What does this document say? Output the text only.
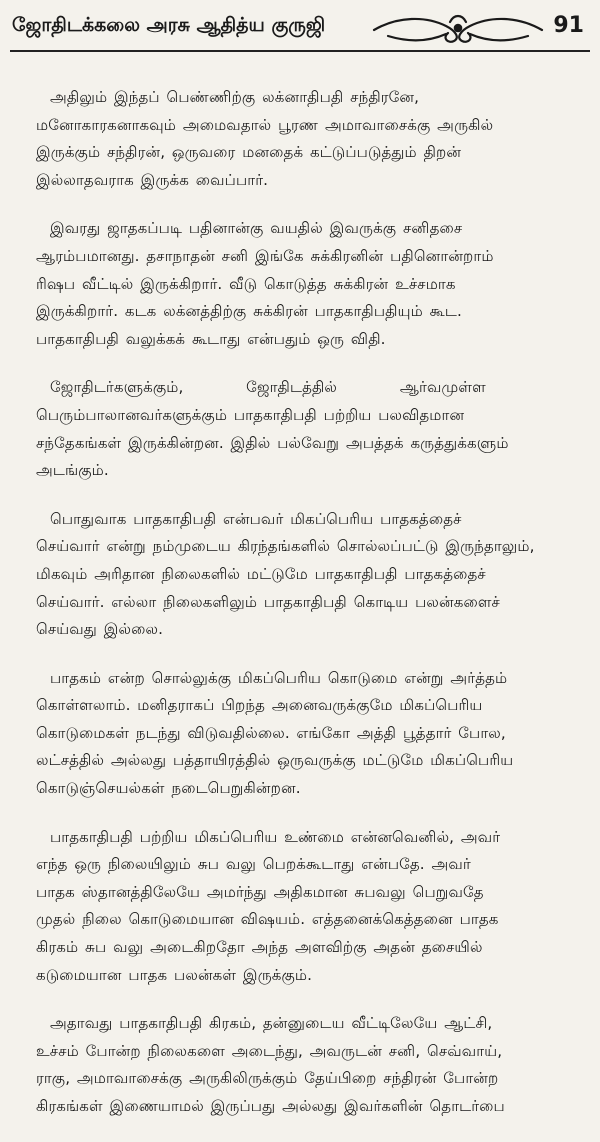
ஜோதிடக்கலை அரசு ஆதித்ய குருஜி	91

அதிலும் இந்தப் பெண்ணிற்கு லக்னாதிபதி சந்திரனே,
மனோகாரகனாகவும் அமைவதால் பூரண அமாவாசைக்கு அருகில்
இருக்கும் சந்திரன், ஒருவரை மனதைக் கட்டுப்படுத்தும் திறன்
இல்லாதவராக இருக்க வைப்பார்.

இவரது ஜாதகப்படி பதினான்கு வயதில் இவருக்கு சனிதசை
ஆரம்பமானது. தசாநாதன் சனி இங்கே சுக்கிரனின் பதினொன்றாம்
ரிஷப வீட்டில் இருக்கிறார். வீடு கொடுத்த சுக்கிரன் உச்சமாக
இருக்கிறார். கடக லக்னத்திற்கு சுக்கிரன் பாதகாதிபதியும் கூட.
பாதகாதிபதி வலுக்கக் கூடாது என்பதும் ஒரு விதி.

ஜோதிடர்களுக்கும், ஜோதிடத்தில் ஆர்வமுள்ள
பெரும்பாலானவர்களுக்கும் பாதகாதிபதி பற்றிய பலவிதமான
சந்தேகங்கள் இருக்கின்றன. இதில் பல்வேறு அபத்தக் கருத்துக்களும்
அடங்கும்.

பொதுவாக பாதகாதிபதி என்பவர் மிகப்பெரிய பாதகத்தைச்
செய்வார் என்று நம்முடைய கிரந்தங்களில் சொல்லப்பட்டு இருந்தாலும்,
மிகவும் அரிதான நிலைகளில் மட்டுமே பாதகாதிபதி பாதகத்தைச்
செய்வார். எல்லா நிலைகளிலும் பாதகாதிபதி கொடிய பலன்களைச்
செய்வது இல்லை.

பாதகம் என்ற சொல்லுக்கு மிகப்பெரிய கொடுமை என்று அர்த்தம்
கொள்ளலாம். மனிதராகப் பிறந்த அனைவருக்குமே மிகப்பெரிய
கொடுமைகள் நடந்து விடுவதில்லை. எங்கோ அத்தி பூத்தார் போல,
லட்சத்தில் அல்லது பத்தாயிரத்தில் ஒருவருக்கு மட்டுமே மிகப்பெரிய
கொடுஞ்செயல்கள் நடைபெறுகின்றன.

பாதகாதிபதி பற்றிய மிகப்பெரிய உண்மை என்னவெனில், அவர்
எந்த ஒரு நிலையிலும் சுப வலு பெறக்கூடாது என்பதே. அவர்
பாதக ஸ்தானத்திலேயே அமர்ந்து அதிகமான சுபவலு பெறுவதே
முதல் நிலை கொடுமையான விஷயம். எத்தனைக்கெத்தனை பாதக
கிரகம் சுப வலு அடைகிறதோ அந்த அளவிற்கு அதன் தசையில்
கடுமையான பாதக பலன்கள் இருக்கும்.

அதாவது பாதகாதிபதி கிரகம், தன்னுடைய வீட்டிலேயே ஆட்சி,
உச்சம் போன்ற நிலைகளை அடைந்து, அவருடன் சனி, செவ்வாய்,
ராகு, அமாவாசைக்கு அருகிலிருக்கும் தேய்பிறை சந்திரன் போன்ற
கிரகங்கள் இணையாமல் இருப்பது அல்லது இவர்களின் தொடர்பை
